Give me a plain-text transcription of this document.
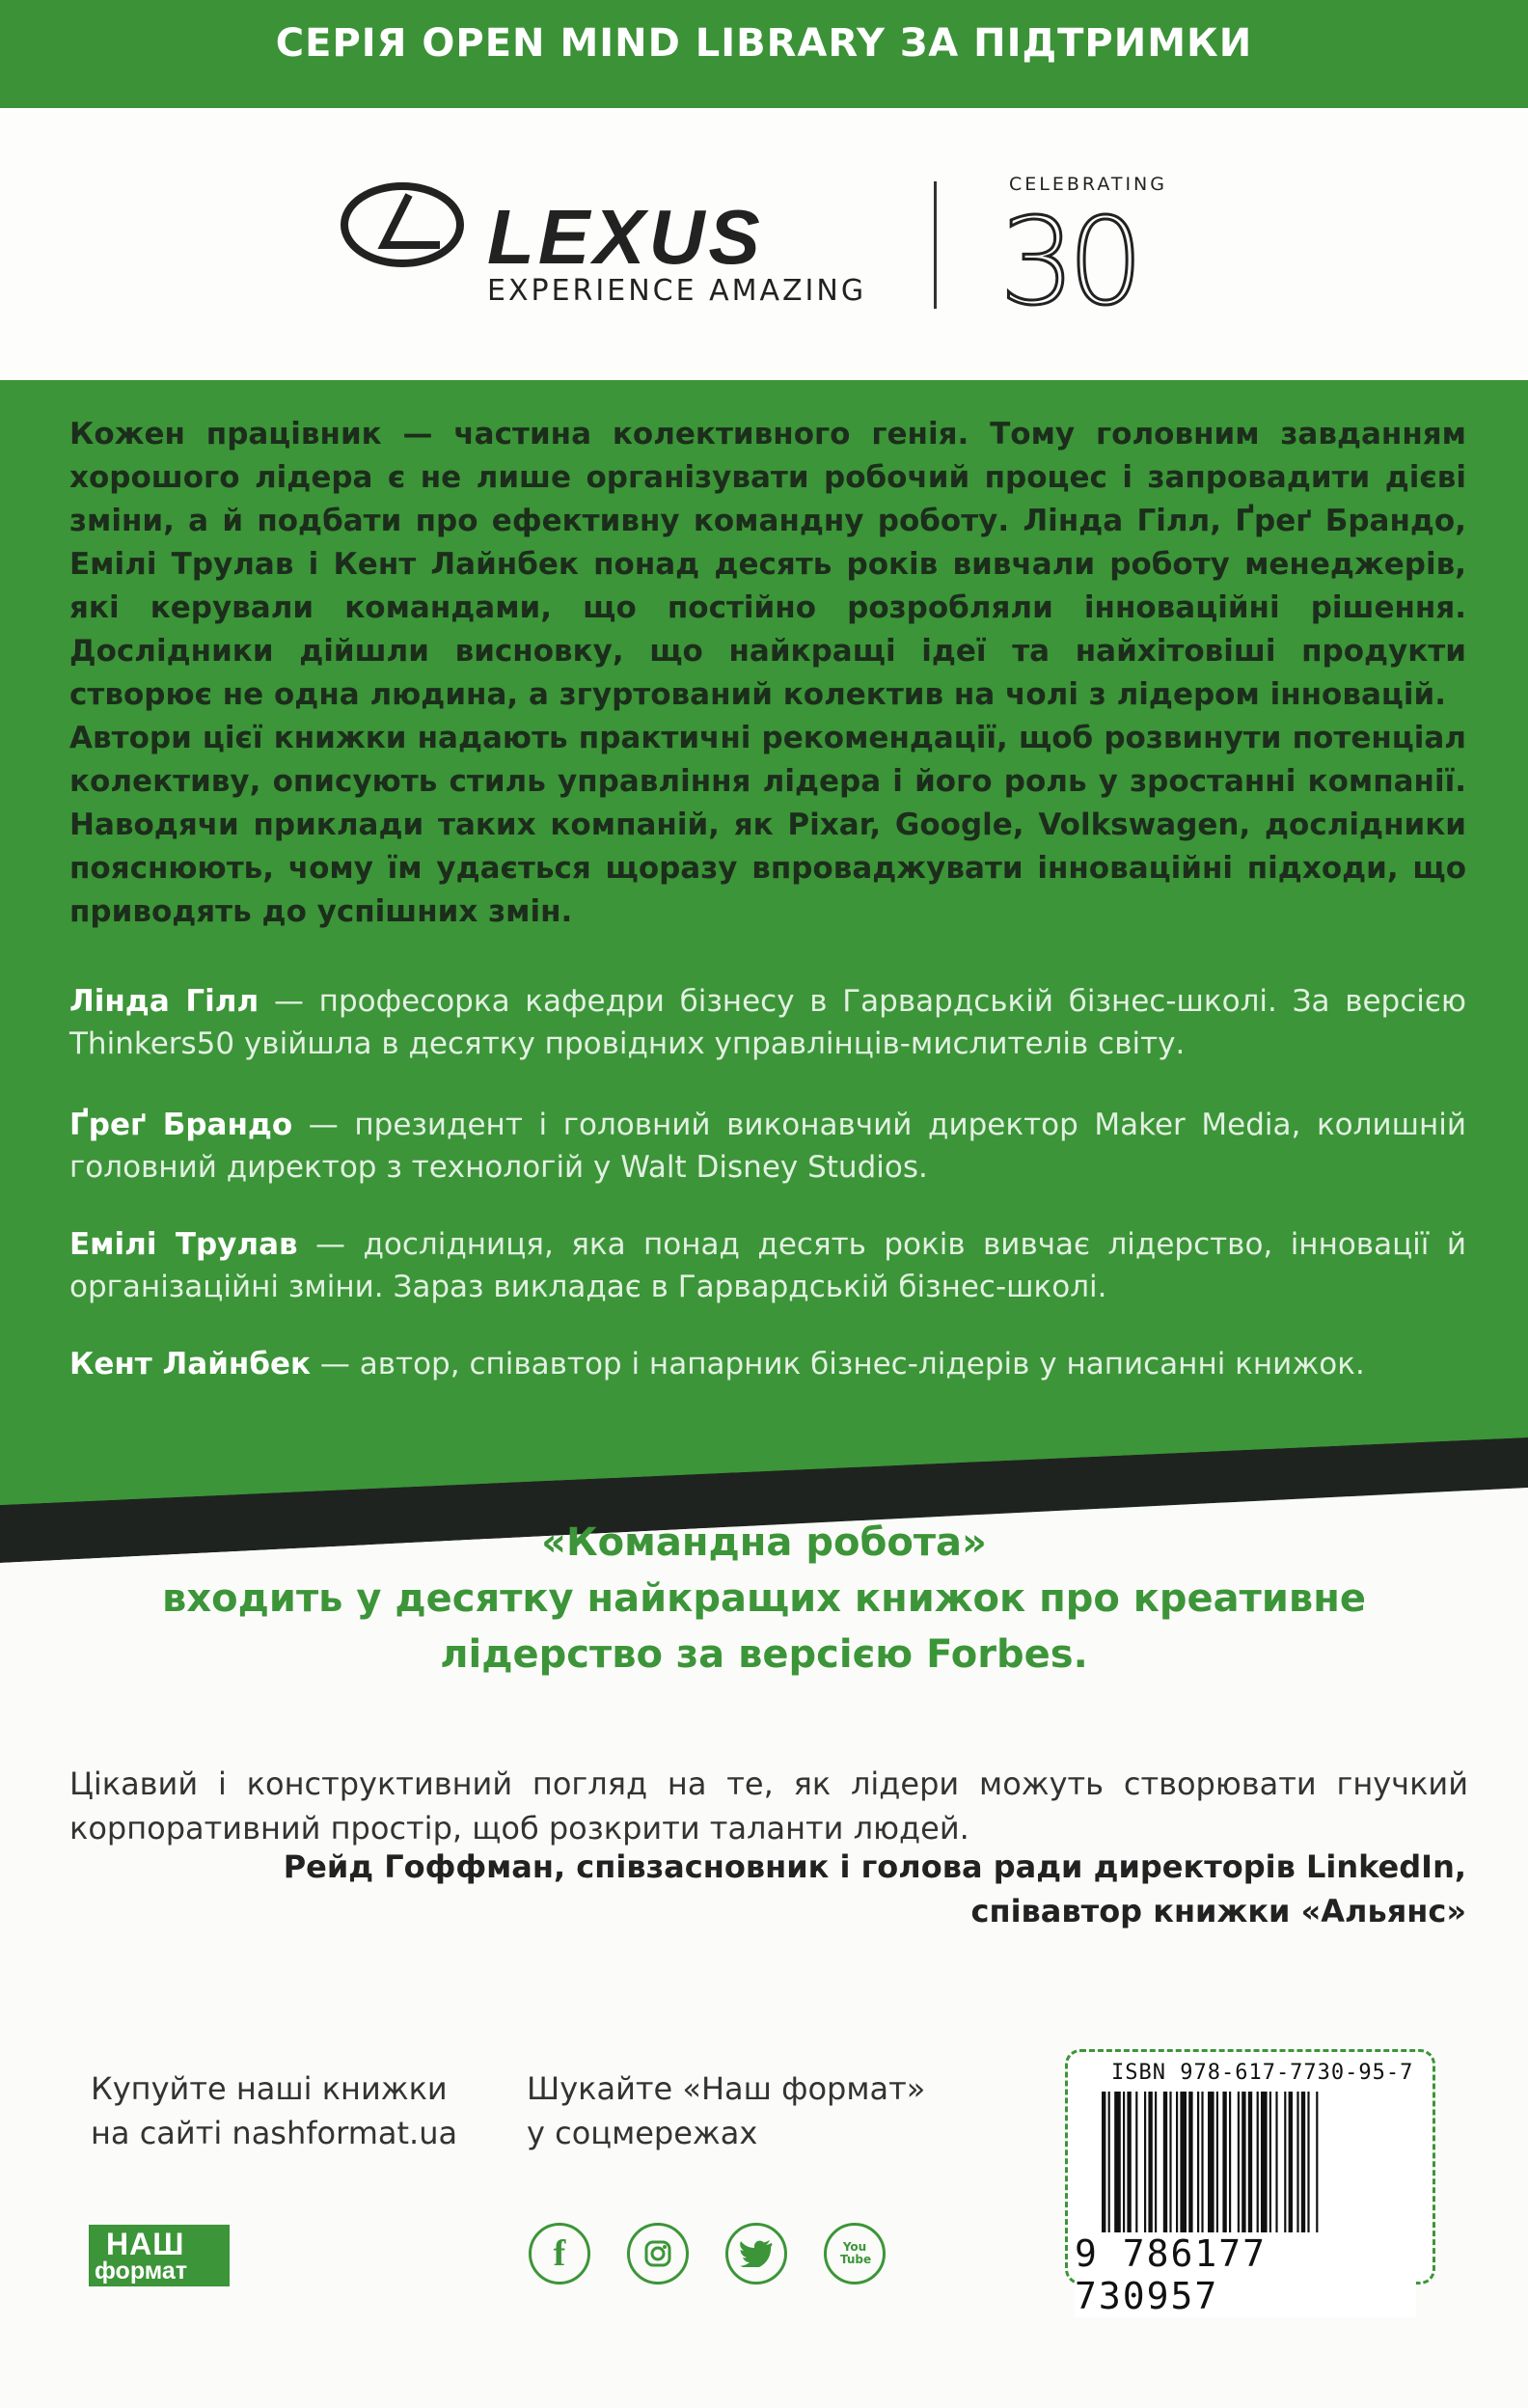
СЕРІЯ OPEN MIND LIBRARY ЗА ПІДТРИМКИ
LEXUS
EXPERIENCE AMAZING
CELEBRATING
30

Кожен працівник — частина колективного генія. Тому головним завданням хорошого лідера є не лише організувати робочий процес і запровадити дієві зміни, а й подбати про ефективну командну роботу. Лінда Гілл, Ґреґ Брандо, Емілі Трулав і Кент Лайнбек понад десять років вивчали роботу менеджерів, які керували командами, що постійно розробляли інноваційні рішення. Дослідники дійшли висновку, що найкращі ідеї та найхітовіші продукти створює не одна людина, а згуртований колектив на чолі з лідером інновацій.

Автори цієї книжки надають практичні рекомендації, щоб розвинути потенціал колективу, описують стиль управління лідера і його роль у зростанні компанії. Наводячи приклади таких компаній, як Pixar, Google, Volkswagen, дослідники пояснюють, чому їм удається щоразу впроваджувати інноваційні підходи, що приводять до успішних змін.

Лінда Гілл — професорка кафедри бізнесу в Гарвардській бізнес-школі. За версією Thinkers50 увійшла в десятку провідних управлінців-мислителів світу.
Ґреґ Брандо — президент і головний виконавчий директор Maker Media, колишній головний директор з технологій у Walt Disney Studios.
Емілі Трулав — дослідниця, яка понад десять років вивчає лідерство, інновації й організаційні зміни. Зараз викладає в Гарвардській бізнес-школі.
Кент Лайнбек — автор, співавтор і напарник бізнес-лідерів у написанні книжок.
«Командна робота»
входить у десятку найкращих книжок про креативне
лідерство за версією Forbes.
Цікавий і конструктивний погляд на те, як лідери можуть створювати гнучкий корпоративний простір, щоб розкрити таланти людей.
Рейд Гоффман, співзасновник і голова ради директорів LinkedIn,
співавтор книжки «Альянс»
Купуйте наші книжки
на сайті nashformat.ua
Шукайте «Наш формат»
у соцмережах
НАШ
формат	f	You Tube
ISBN 978-617-7730-95-7
9 786177 730957
